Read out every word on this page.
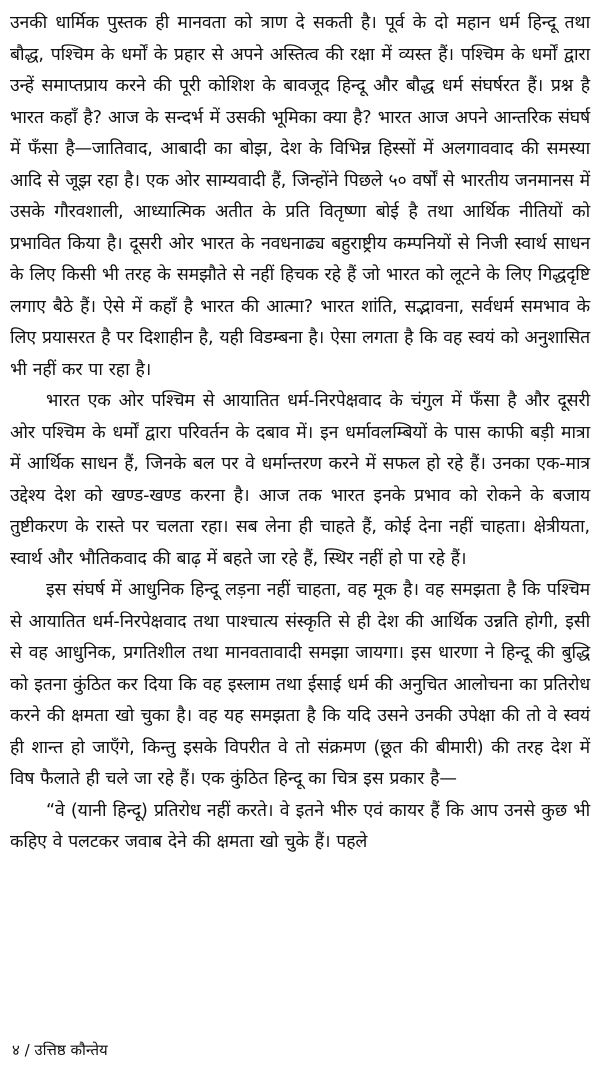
उनकी धार्मिक पुस्तक ही मानवता को त्राण दे सकती है। पूर्व के दो महान धर्म हिन्दू तथा बौद्ध, पश्चिम के धर्मों के प्रहार से अपने अस्तित्व की रक्षा में व्यस्त हैं। पश्चिम के धर्मों द्वारा उन्हें समाप्तप्राय करने की पूरी कोशिश के बावजूद हिन्दू और बौद्ध धर्म संघर्षरत हैं। प्रश्न है भारत कहाँ है? आज के सन्दर्भ में उसकी भूमिका क्या है? भारत आज अपने आन्तरिक संघर्ष में फँसा है—जातिवाद, आबादी का बोझ, देश के विभिन्न हिस्सों में अलगाववाद की समस्या आदि से जूझ रहा है। एक ओर साम्यवादी हैं, जिन्होंने पिछले ५० वर्षों से भारतीय जनमानस में उसके गौरवशाली, आध्यात्मिक अतीत के प्रति वितृष्णा बोई है तथा आर्थिक नीतियों को प्रभावित किया है। दूसरी ओर भारत के नवधनाढ्य बहुराष्ट्रीय कम्पनियों से निजी स्वार्थ साधन के लिए किसी भी तरह के समझौते से नहीं हिचक रहे हैं जो भारत को लूटने के लिए गिद्धदृष्टि लगाए बैठे हैं। ऐसे में कहाँ है भारत की आत्मा? भारत शांति, सद्भावना, सर्वधर्म समभाव के लिए प्रयासरत है पर दिशाहीन है, यही विडम्बना है। ऐसा लगता है कि वह स्वयं को अनुशासित भी नहीं कर पा रहा है।

भारत एक ओर पश्चिम से आयातित धर्म-निरपेक्षवाद के चंगुल में फँसा है और दूसरी ओर पश्चिम के धर्मों द्वारा परिवर्तन के दबाव में। इन धर्मावलम्बियों के पास काफी बड़ी मात्रा में आर्थिक साधन हैं, जिनके बल पर वे धर्मान्तरण करने में सफल हो रहे हैं। उनका एक-मात्र उद्देश्य देश को खण्ड-खण्ड करना है। आज तक भारत इनके प्रभाव को रोकने के बजाय तुष्टीकरण के रास्ते पर चलता रहा। सब लेना ही चाहते हैं, कोई देना नहीं चाहता। क्षेत्रीयता, स्वार्थ और भौतिकवाद की बाढ़ में बहते जा रहे हैं, स्थिर नहीं हो पा रहे हैं।

इस संघर्ष में आधुनिक हिन्दू लड़ना नहीं चाहता, वह मूक है। वह समझता है कि पश्चिम से आयातित धर्म-निरपेक्षवाद तथा पाश्चात्य संस्कृति से ही देश की आर्थिक उन्नति होगी, इसी से वह आधुनिक, प्रगतिशील तथा मानवतावादी समझा जायगा। इस धारणा ने हिन्दू की बुद्धि को इतना कुंठित कर दिया कि वह इस्लाम तथा ईसाई धर्म की अनुचित आलोचना का प्रतिरोध करने की क्षमता खो चुका है। वह यह समझता है कि यदि उसने उनकी उपेक्षा की तो वे स्वयं ही शान्त हो जाएँगे, किन्तु इसके विपरीत वे तो संक्रमण (छूत की बीमारी) की तरह देश में विष फैलाते ही चले जा रहे हैं। एक कुंठित हिन्दू का चित्र इस प्रकार है—

“वे (यानी हिन्दू) प्रतिरोध नहीं करते। वे इतने भीरु एवं कायर हैं कि आप उनसे कुछ भी कहिए वे पलटकर जवाब देने की क्षमता खो चुके हैं। पहले

४ / उत्तिष्ठ कौन्तेय
